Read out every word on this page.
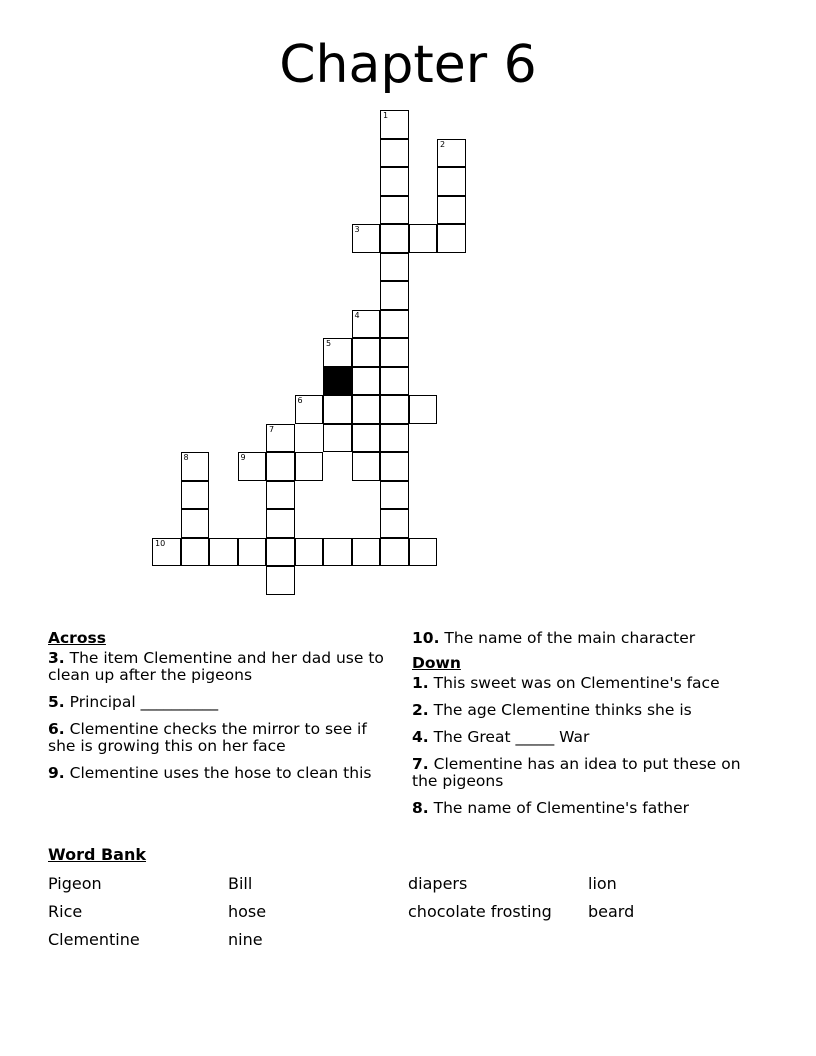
Chapter 6
1
2
3
4
5
6
7
8	9
10
Across
3. The item Clementine and her dad use to clean up after the pigeons
5. Principal __________
6. Clementine checks the mirror to see if she is growing this on her face
9. Clementine uses the hose to clean this
10. The name of the main character
Down
1. This sweet was on Clementine's face
2. The age Clementine thinks she is
4. The Great _____ War
7. Clementine has an idea to put these on the pigeons
8. The name of Clementine's father
Word Bank
Pigeon
Rice
Clementine
Bill
hose
nine
diapers
chocolate frosting
lion
beard
